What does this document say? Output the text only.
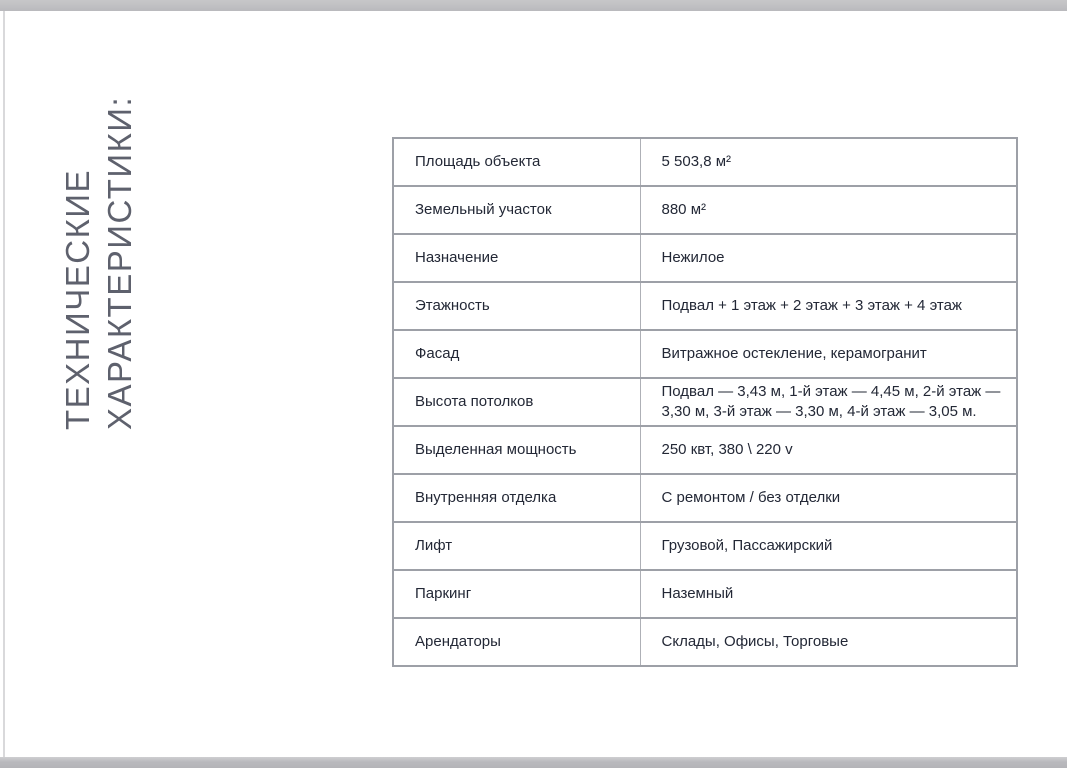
ТЕХНИЧЕСКИЕ ХАРАКТЕРИСТИКИ:	Площадь объекта	5 503,8 м²
Земельный участок	880 м²
Назначение	Нежилое
Этажность	Подвал + 1 этаж + 2 этаж + 3 этаж + 4 этаж
Фасад	Витражное остекление, керамогранит
Высота потолков	Подвал — 3,43 м, 1-й этаж — 4,45 м, 2-й этаж — 3,30 м, 3-й этаж — 3,30 м, 4-й этаж — 3,05 м.
Выделенная мощность	250 квт, 380 \ 220 v
Внутренняя отделка	С ремонтом / без отделки
Лифт	Грузовой, Пассажирский
Паркинг	Наземный
Арендаторы	Склады, Офисы, Торговые
